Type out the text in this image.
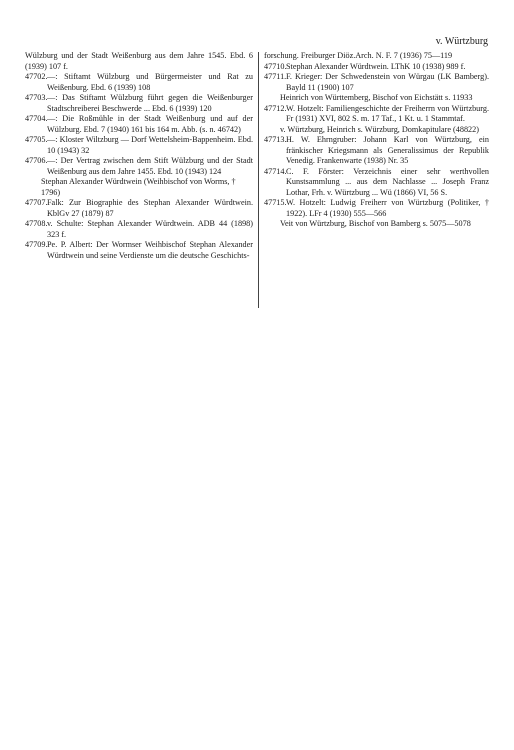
v. Würtzburg

Wülzburg und der Stadt Weißenburg aus dem Jahre 1545. Ebd. 6 (1939) 107 f.

47702. —: Stiftamt Wülzburg und Bürgermeister und Rat zu Weißenburg. Ebd. 6 (1939) 108

47703. —: Das Stiftamt Wülzburg führt gegen die Weißenburger Stadtschreiberei Beschwerde ... Ebd. 6 (1939) 120

47704. —: Die Roßmühle in der Stadt Weißenburg und auf der Wülzburg. Ebd. 7 (1940) 161 bis 164 m. Abb. (s. n. 46742)

47705. —: Kloster Wiltzburg — Dorf Wettelsheim-Bappenheim. Ebd. 10 (1943) 32

47706. —: Der Vertrag zwischen dem Stift Wülzburg und der Stadt Weißenburg aus dem Jahre 1455. Ebd. 10 (1943) 124

Stephan Alexander Würdtwein (Weihbischof von Worms, † 1796)

47707. Falk: Zur Biographie des Stephan Alexander Würdtwein. KblGv 27 (1879) 87

47708. v. Schulte: Stephan Alexander Würdtwein. ADB 44 (1898) 323 f.

47709. Pe. P. Albert: Der Wormser Weihbischof Stephan Alexander Würdtwein und seine Verdienste um die deutsche Geschichts-

forschung. Freiburger Diöz.Arch. N. F. 7 (1936) 75—119

47710. Stephan Alexander Würdtwein. LThK 10 (1938) 989 f.

47711. F. Krieger: Der Schwedenstein von Würgau (LK Bamberg). Bayld 11 (1900) 107

Heinrich von Württemberg, Bischof von Eichstätt s. 11933

47712. W. Hotzelt: Familiengeschichte der Freiherrn von Würtzburg. Fr (1931) XVI, 802 S. m. 17 Taf., 1 Kt. u. 1 Stammtaf.

v. Würtzburg, Heinrich s. Würzburg, Domkapitulare (48822)

47713. H. W. Ehrngruber: Johann Karl von Würtzburg, ein fränkischer Kriegsmann als Generalissimus der Republik Venedig. Frankenwarte (1938) Nr. 35

47714. C. F. Förster: Verzeichnis einer sehr werthvollen Kunstsammlung ... aus dem Nachlasse ... Joseph Franz Lothar, Frh. v. Würtzburg ... Wü (1866) VI, 56 S.

47715. W. Hotzelt: Ludwig Freiherr von Würtzburg (Politiker, † 1922). LFr 4 (1930) 555—566

Veit von Würtzburg, Bischof von Bamberg s. 5075—5078
